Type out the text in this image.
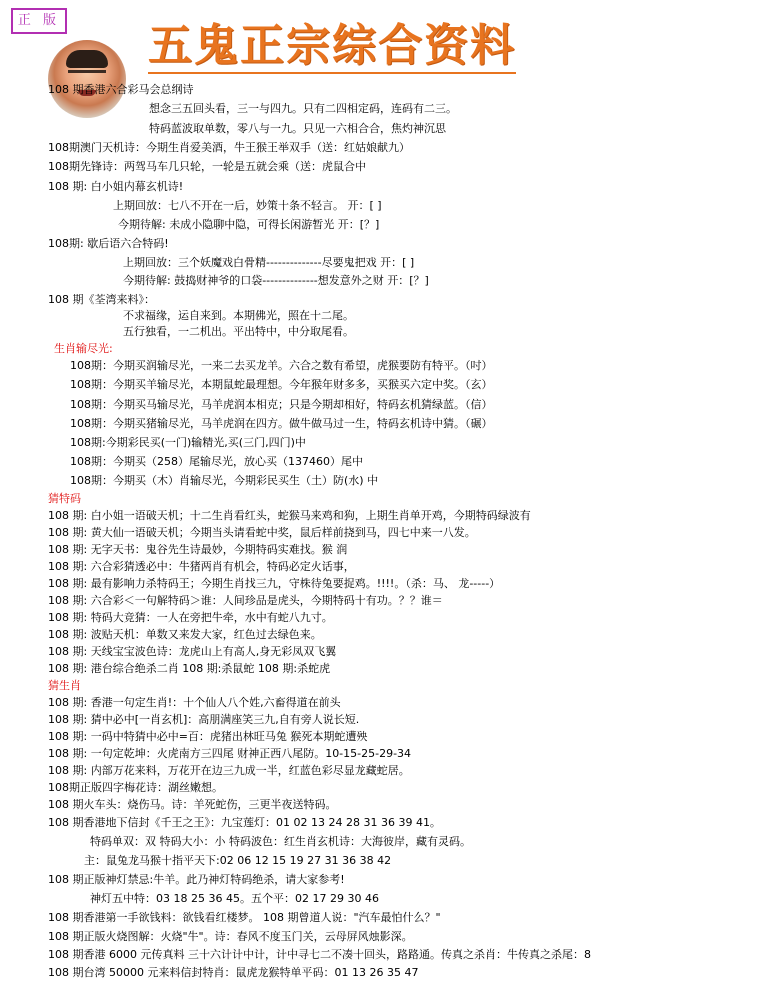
正 版 五鬼正宗综合资料
108 期香港六合彩马会总纲诗
想念三五回头看，三一与四九。只有二四相定码，连码有二三。
特码蓝波取单数，零八与一九。只见一六相合合，焦灼神沉思
108期澳门天机诗：今期生肖爱美酒，牛王猴王举双手（送：红姑娘献九）
108期先锋诗：两驾马车几只轮，一轮是五就会乘（送：虎鼠合中
108 期: 白小姐内幕玄机诗!
上期回放：七八不开在一后，妙策十条不轻言。 开：[ ]
今期待解: 未成小隐聊中隐，可得长闲游暂光 开：[？]
108期: 歇后语六合特码!
上期回放：三个妖魔戏白骨精--------------尽要鬼把戏 开：[ ]
今期待解: 鼓捣财神爷的口袋--------------想发意外之财 开：[？]
108 期《荃湾来料》：
不求福缘，运自来到。本期佛光，照在十二尾。
五行独看，一二机出。平出特中，中分取尾看。
生肖输尽光:
108期：今期买润输尽光，一来二去买龙羊。六合之数有希望，虎猴要防有特平。（吋）
108期：今期买羊输尽光，本期鼠蛇最理想。今年猴年财多多，买猴买六定中奖。（玄）
108期：今期买马输尽光，马羊虎润本相克；只是今期却相好，特码玄机猜绿蓝。（信）
108期：今期买猪输尽光，马羊虎润在四方。做牛做马过一生，特码玄机诗中猜。（碾）
108期:今期彩民买(一门)输精光,买(三门,四门)中
108期：今期买（258）尾输尽光，放心买（137460）尾中
108期：今期买（木）肖输尽光，今期彩民买生（土）防(水) 中
猜特码
108 期: 白小姐一语破天机；十二生肖看红头，蛇猴马来鸡和狗，上期生肖单开鸡，今期特码绿波有
108 期: 黄大仙一语破天机；今期当头请看蛇中奖，鼠后样前挠到马，四七中来一八发。
108 期: 无字天书：鬼谷先生诗最妙，今期特码实难找。猴 润
108 期: 六合彩猜透必中：牛猪两肖有机会，特码必定火话事，
108 期: 最有影响力杀特码王；今期生肖找三九，守株待兔要捉鸡。!!!!。（杀：马、 龙-----）
108 期: 六合彩＜一句解特码＞谁：人间珍品是虎头，今期特码十有功。？？谁＝
108 期: 特码大竞猜：一人在旁把牛牵，水中有蛇八九寸。
108 期: 波贴天机：单数又来发大家，红色过去绿色来。
108 期: 天线宝宝波色诗：龙虎山上有高人,身无彩凤双飞翼
108 期: 港台综合绝杀二肖 108 期:杀鼠蛇 108 期:杀蛇虎
猜生肖
108 期: 香港一句定生肖!：十个仙人八个姓,六畜得道在前头
108 期: 猜中必中[一肖玄机]：高朋满座笑三九,自有旁人说长短.
108 期: 一码中特猜中必中=百：虎猪出林旺马兔 猴死本期蛇遭殃
108 期: 一句定乾坤：火虎南方三四尾 财神正西八尾防。10-15-25-29-34
108 期: 内部万花来料，万花开在边三九成一半，红蓝色彩尽显龙藏蛇居。
108期正版四字梅花诗：湖丝嫩想。
108 期火车头：烧伤马。诗：羊死蛇伤，三更半夜送特码。
108 期香港地下信封《千王之王》：九宝莲灯：01 02 13 24 28 31 36 39 41。
特码单双：双 特码大小：小 特码波色：红生肖玄机诗：大海彼岸，藏有灵码。
主：鼠兔龙马猴十指平天下:02 06 12 15 19 27 31 36 38 42
108 期正版神灯禁忌:牛羊。此乃神灯特码绝杀，请大家参考!
神灯五中特：03 18 25 36 45。五个平：02 17 29 30 46
108 期香港第一手欲钱料：欲钱看红楼梦。 108 期曾道人说："汽车最怕什么？"
108 期正版火烧图解：火烧"牛"。诗：春风不度玉门关，云母屏风烛影深。
108 期香港 6000 元传真料 三十六计计中计，计中寻七二不凑十回头，路路通。传真之杀肖：牛传真之杀尾：8
108 期台湾 50000 元来料信封特肖：鼠虎龙猴特单平码：01 13 26 35 47
